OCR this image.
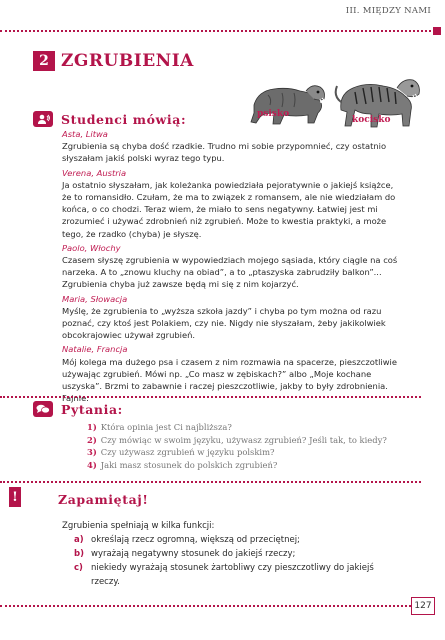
III. MIĘDZY NAMI
2 ZGRUBIENIA
psisko
kocisko
Studenci mówią:
Asta, Litwa

Zgrubienia są chyba dość rzadkie. Trudno mi sobie przypomnieć, czy ostatnio słyszałam jakiś polski wyraz tego typu.

Verena, Austria

Ja ostatnio słyszałam, jak koleżanka powiedziała pejoratywnie o jakiejś książce, że to romansidło. Czułam, że ma to związek z romansem, ale nie wiedziałam do końca, o co chodzi. Teraz wiem, że miało to sens negatywny. Łatwiej jest mi zrozumieć i używać zdrobnień niż zgrubień. Może to kwestia praktyki, a może tego, że rzadko (chyba) je słyszę.

Paolo, Włochy

Czasem słyszę zgrubienia w wypowiedziach mojego sąsiada, który ciągle na coś narzeka. A to „znowu kluchy na obiad”, a to „ptaszyska zabrudziły balkon”... Zgrubienia chyba już zawsze będą mi się z nim kojarzyć.

Maria, Słowacja

Myślę, że zgrubienia to „wyższa szkoła jazdy” i chyba po tym można od razu poznać, czy ktoś jest Polakiem, czy nie. Nigdy nie słyszałam, żeby jakikolwiek obcokrajowiec używał zgrubień.

Natalie, Francja

Mój kolega ma dużego psa i czasem z nim rozmawia na spacerze, pieszczotliwie używając zgrubień. Mówi np. „Co masz w zębiskach?” albo „Moje kochane uszyska”. Brzmi to zabawnie i raczej pieszczotliwie, jakby to były zdrobnienia. Fajnie.

Pytania:
1) Która opinia jest Ci najbliższa?
2) Czy mówiąc w swoim języku, używasz zgrubień? Jeśli tak, to kiedy?
3) Czy używasz zgrubień w języku polskim?
4) Jaki masz stosunek do polskich zgrubień?
!	Zapamiętaj!
Zgrubienia spełniają w kilka funkcji:
a) określają rzecz ogromną, większą od przeciętnej;
b) wyrażają negatywny stosunek do jakiejś rzeczy;
c) niekiedy wyrażają stosunek żartobliwy czy pieszczotliwy do jakiejś rzeczy.
127
